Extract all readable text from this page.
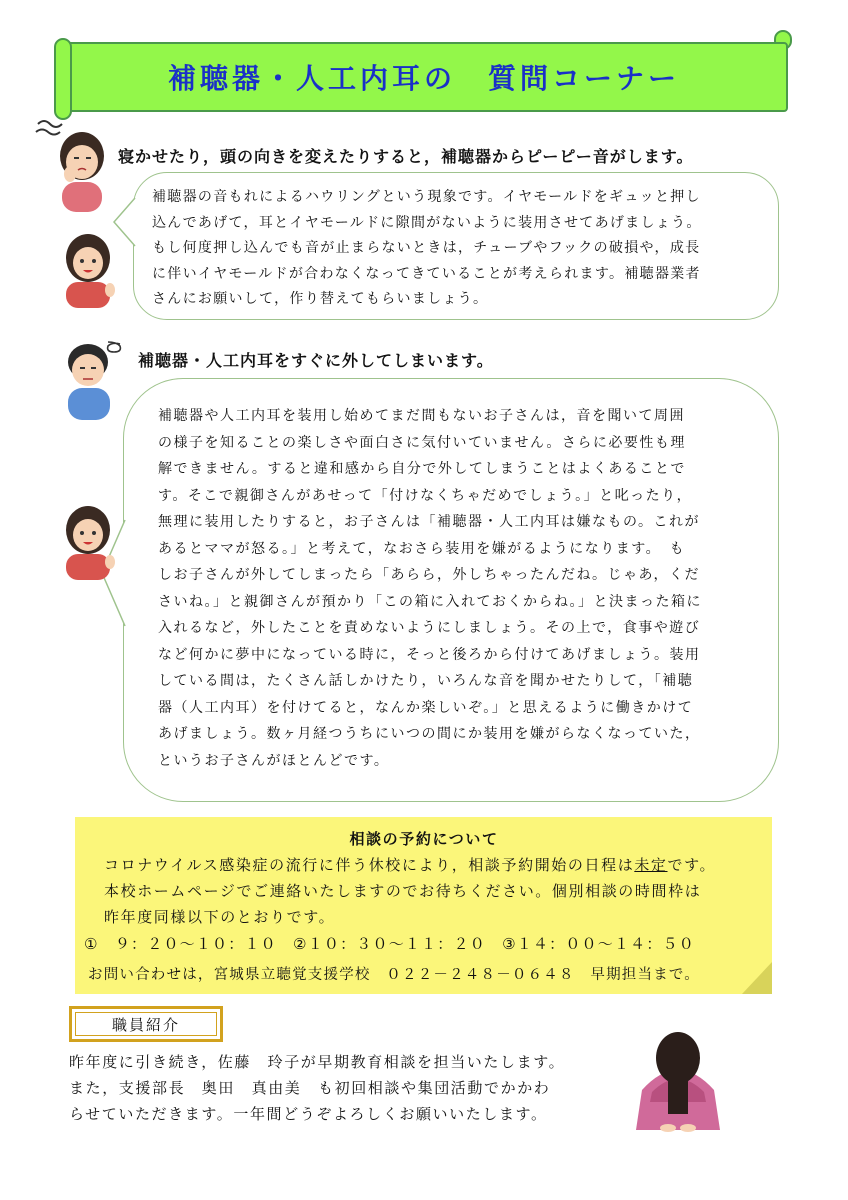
補聴器・人工内耳の　質問コーナー
寝かせたり，頭の向きを変えたりすると，補聴器からピーピー音がします。

補聴器の音もれによるハウリングという現象です。イヤモールドをギュッと押し

込んであげて，耳とイヤモールドに隙間がないように装用させてあげましょう。

もし何度押し込んでも音が止まらないときは，チューブやフックの破損や，成長

に伴いイヤモールドが合わなくなってきていることが考えられます。補聴器業者

さんにお願いして，作り替えてもらいましょう。

補聴器・人工内耳をすぐに外してしまいます。

補聴器や人工内耳を装用し始めてまだ間もないお子さんは，音を聞いて周囲

の様子を知ることの楽しさや面白さに気付いていません。さらに必要性も理

解できません。すると違和感から自分で外してしまうことはよくあることで

す。そこで親御さんがあせって「付けなくちゃだめでしょう。」と叱ったり，

無理に装用したりすると，お子さんは「補聴器・人工内耳は嫌なもの。これが

あるとママが怒る。」と考えて，なおさら装用を嫌がるようになります。　も

しお子さんが外してしまったら「あらら，外しちゃったんだね。じゃあ，くだ

さいね。」と親御さんが預かり「この箱に入れておくからね。」と決まった箱に

入れるなど，外したことを責めないようにしましょう。その上で，食事や遊び

など何かに夢中になっている時に，そっと後ろから付けてあげましょう。装用

している間は，たくさん話しかけたり，いろんな音を聞かせたりして，「補聴

器（人工内耳）を付けてると，なんか楽しいぞ。」と思えるように働きかけて

あげましょう。数ヶ月経つうちにいつの間にか装用を嫌がらなくなっていた，

というお子さんがほとんどです。

相談の予約について
コロナウイルス感染症の流行に伴う休校により，相談予約開始の日程は未定です。
本校ホームページでご連絡いたしますのでお待ちください。個別相談の時間枠は
昨年度同様以下のとおりです。
①　９：２０～１０：１０　②１０：３０～１１：２０　③１４：００～１４：５０
お問い合わせは，宮城県立聴覚支援学校　０２２－２４８－０６４８　早期担当まで。
職員紹介

昨年度に引き続き，佐藤　玲子が早期教育相談を担当いたします。

また，支援部長　奥田　真由美　も初回相談や集団活動でかかわ

らせていただきます。一年間どうぞよろしくお願いいたします。
